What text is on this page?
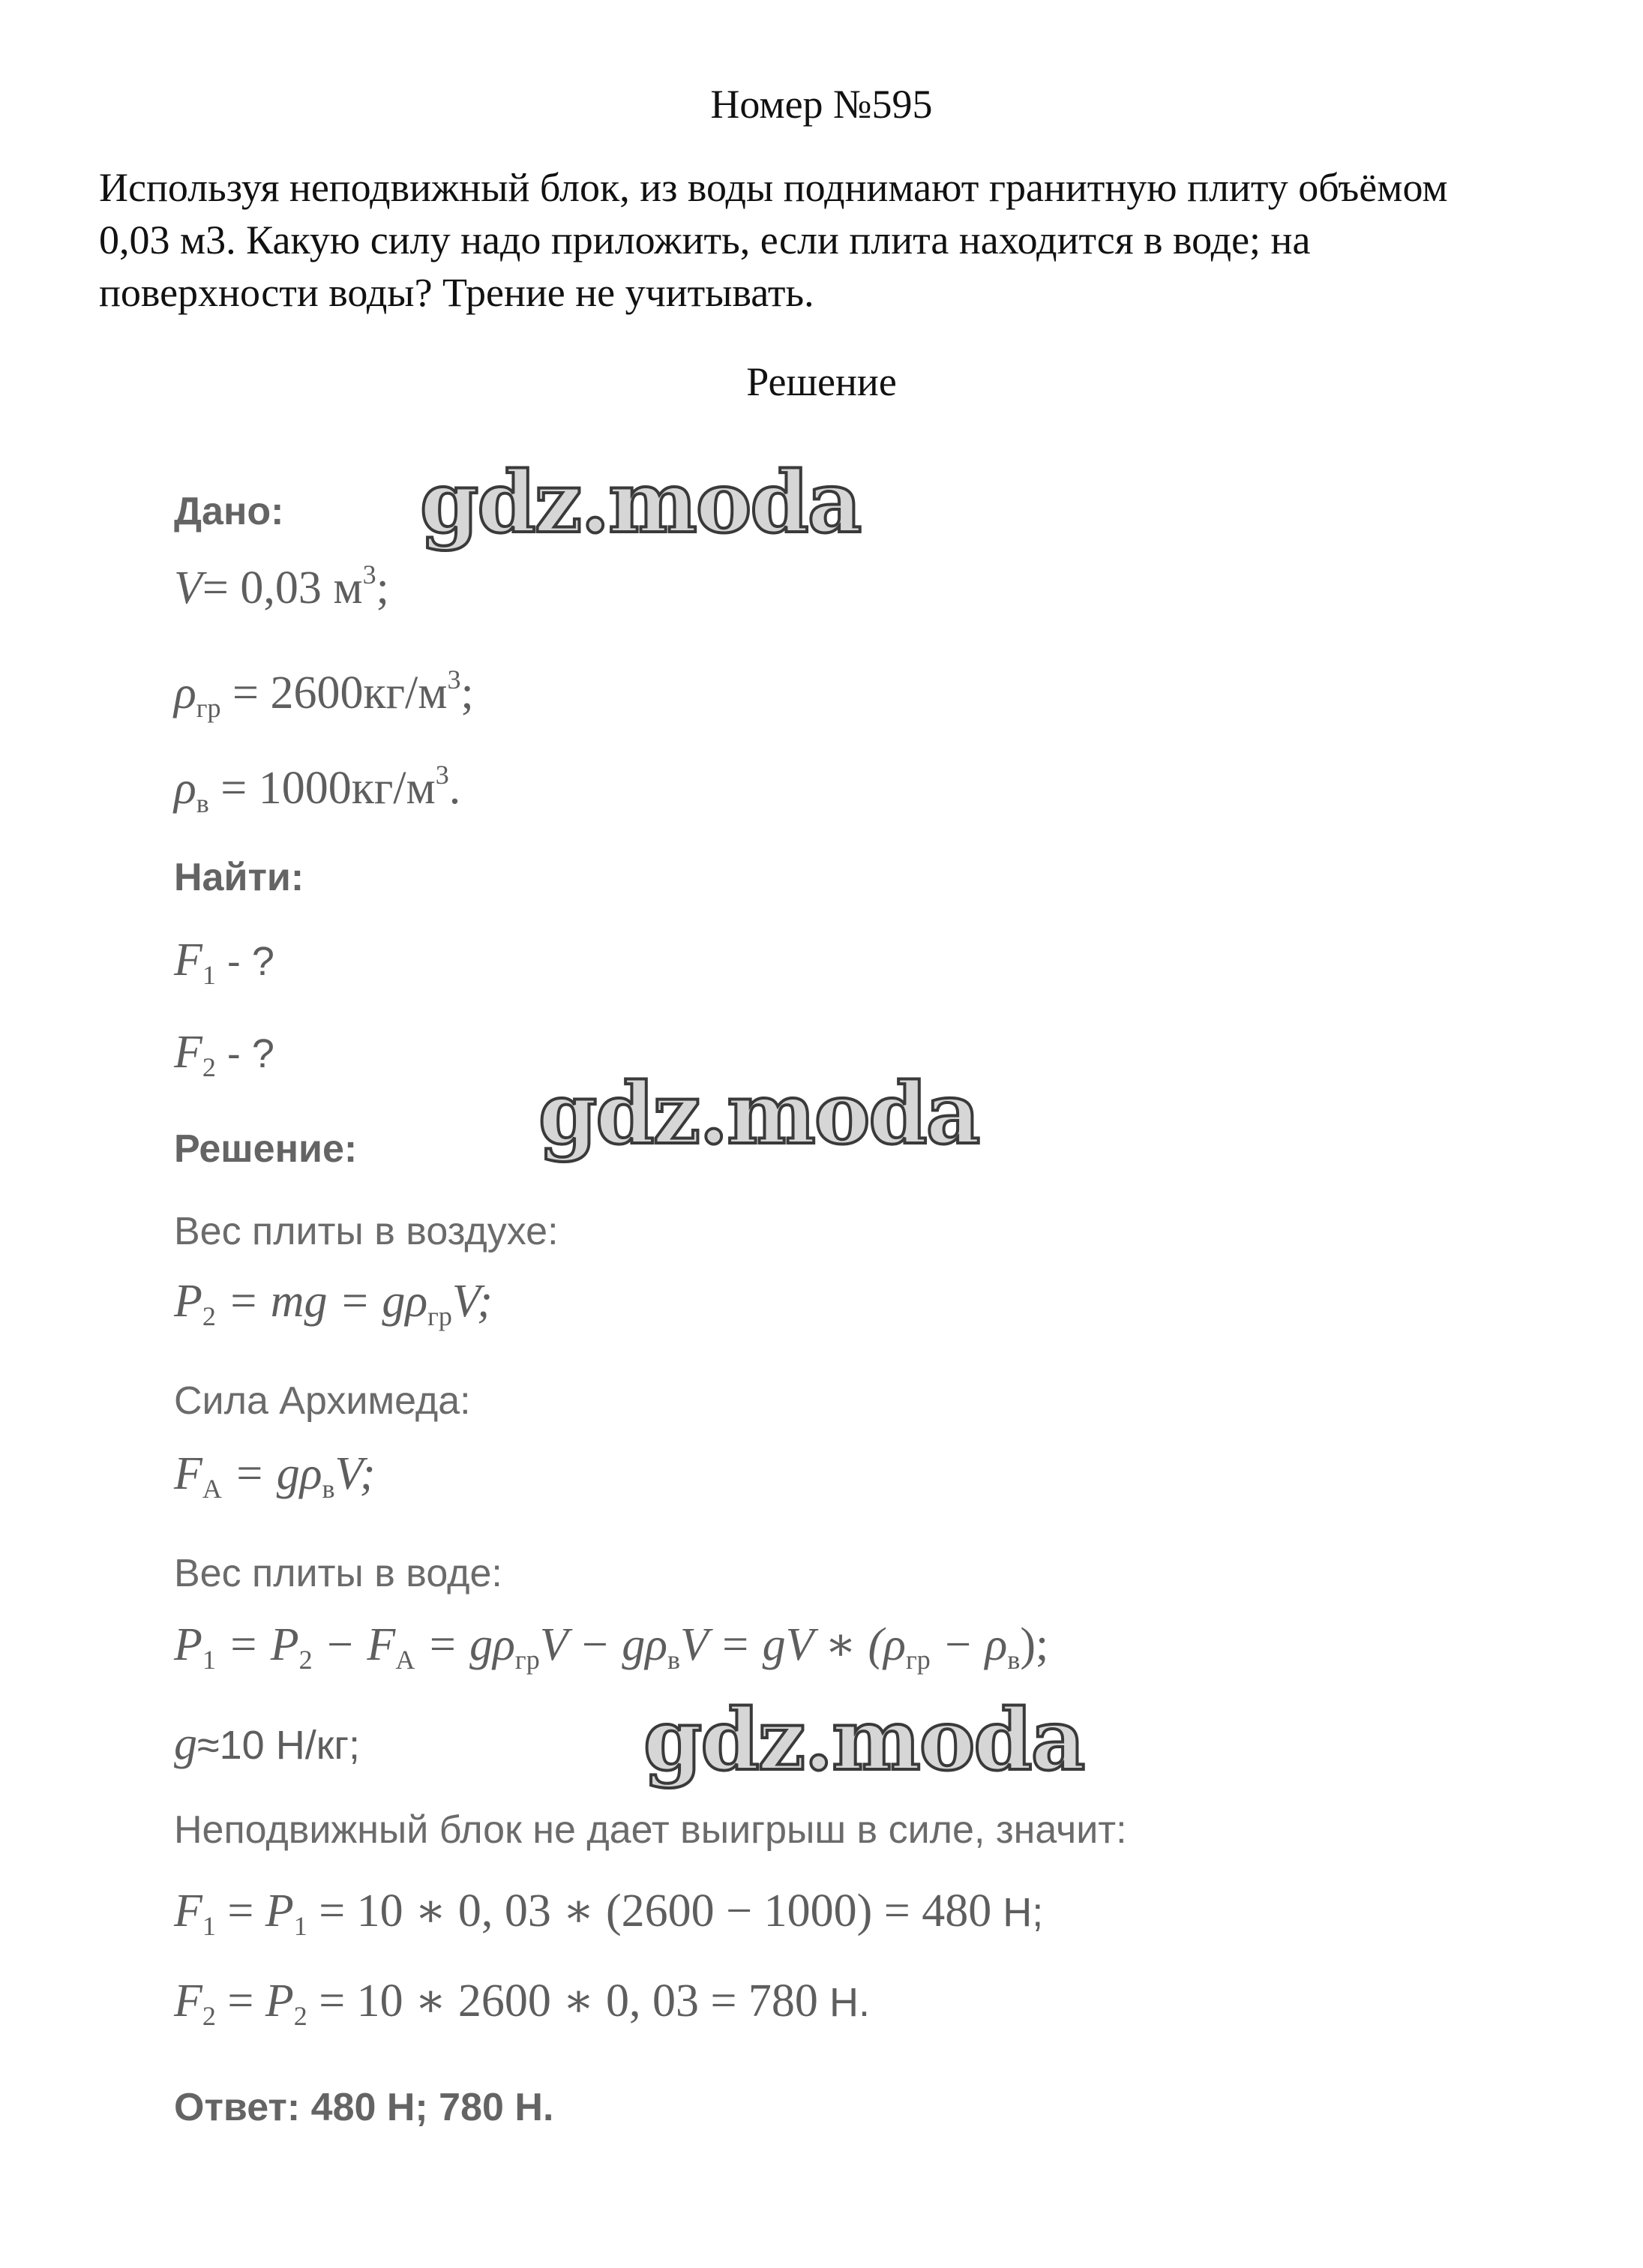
Номер №595
Используя неподвижный блок, из воды поднимают гранитную плиту объёмом 0,03 м3. Какую силу надо приложить, если плита находится в воде; на поверхности воды? Трение не учитывать.
Решение
Дано:
V= 0,03 $м^3$;
$\rho_{гр} = 2600кг/м^3$;
$\rho_в = 1000кг/м^3$.
Найти:
$F_1$ - ?
$F_2$ - ?
Решение:
Вес плиты в воздухе:
$P_2$ = mg = $g\rho_{гр}V$;
Сила Архимеда:
$F_А = g\rho_вV$;
Вес плиты в воде:
$P_1 = P_2 - F_А = g\rho_{гр}V - g\rho_вV$ = gV ∗ $(\rho_{гр} - \rho_в)$;
g≈10 Н/кг;
Неподвижный блок не дает выигрыш в силе, значит:
$F_1 = P_1 = 10$ ∗ 0, 03 ∗ (2600 − 1000) = 480 Н;
$F_2 = P_2 = 10$ ∗ 2600 ∗ 0, 03 = 780 Н.
Ответ: 480 Н; 780 Н.
gdz.moda
gdz.moda
gdz.moda
